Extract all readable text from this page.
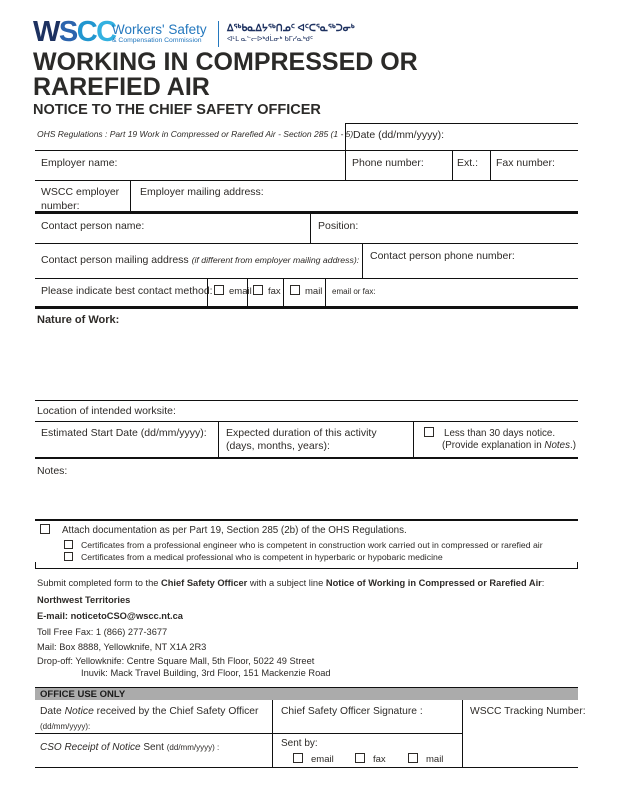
WSCC
Workers' Safety
& Compensation Commission
ᐃᖅᑲᓇᐃᔭᖅᑎᓄᑦ ᐊᑦᑕᕐᓇᖅᑐᓂᒃ
ᐊᒻᒪ ᓇᓪᓕᐅᒃᑯᒫᓂᒃ ᑲᒥᓯᓇᒃᑯᑦ
WORKING IN COMPRESSED OR
RAREFIED AIR
NOTICE TO THE CHIEF SAFETY OFFICER
OHS Regulations : Part 19 Work in Compressed or Rarefied Air - Section 285 (1 - 5) Date (dd/mm/yyyy):
Employer name:	Phone number:	Ext.: Fax number:
WSCC employer number:
Employer mailing address:
Contact person name:	Position:
Contact person mailing address (if different from employer mailing address): Contact person phone number:
Please indicate best contact method:	email	fax	mail email or fax:
Nature of Work:
Location of intended worksite:
Estimated Start Date (dd/mm/yyyy): Expected duration of this activity
(days, months, years):
Less than 30 days notice.
(Provide explanation in Notes.)
Notes:
Attach documentation as per Part 19, Section 285 (2b) of the OHS Regulations.
Certificates from a professional engineer who is competent in construction work carried out in compressed or rarefied air
Certificates from a medical professional who is competent in hyperbaric or hypobaric medicine
Submit completed form to the Chief Safety Officer with a subject line Notice of Working in Compressed or Rarefied Air:
Northwest Territories
E-mail: noticetoCSO@wscc.nt.ca
Toll Free Fax: 1 (866) 277-3677
Mail: Box 8888, Yellowknife, NT X1A 2R3
Drop-off: Yellowknife: Centre Square Mall, 5th Floor, 5022 49 Street
Inuvik: Mack Travel Building, 3rd Floor, 151 Mackenzie Road
OFFICE USE ONLY
Date Notice received by the Chief Safety Officer
(dd/mm/yyyy):
Chief Safety Officer Signature :	WSCC Tracking Number:
CSO Receipt of Notice Sent (dd/mm/yyyy) :	Sent by:
email	fax	mail
